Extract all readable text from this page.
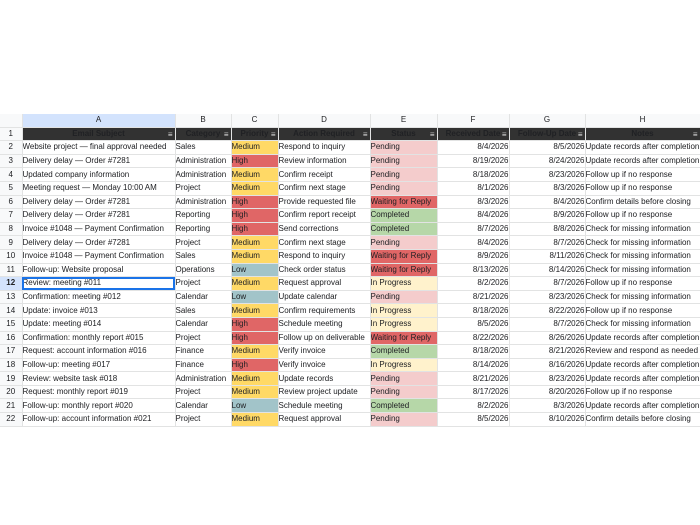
	A	B	C	D	E	F	G	H
1	Email Subject ≡	Category ≡	Priority ≡	Action Required ≡	Status ≡	Received Date ≡	Follow-Up Date ≡	Notes ≡

2	Website project — final approval needed	Sales	Medium	Respond to inquiry	Pending	8/4/2026	8/5/2026	Update records after completion
3	Delivery delay — Order #7281	Administration	High	Review information	Pending	8/19/2026	8/24/2026	Update records after completion
4	Updated company information	Administration	Medium	Confirm receipt	Pending	8/18/2026	8/23/2026	Follow up if no response
5	Meeting request — Monday 10:00 AM	Project	Medium	Confirm next stage	Pending	8/1/2026	8/3/2026	Follow up if no response
6	Delivery delay — Order #7281	Administration	High	Provide requested file	Waiting for Reply	8/3/2026	8/4/2026	Confirm details before closing
7	Delivery delay — Order #7281	Reporting	High	Confirm report receipt	Completed	8/4/2026	8/9/2026	Follow up if no response
8	Invoice #1048 — Payment Confirmation	Reporting	High	Send corrections	Completed	8/7/2026	8/8/2026	Check for missing information
9	Delivery delay — Order #7281	Project	Medium	Confirm next stage	Pending	8/4/2026	8/7/2026	Check for missing information
10	Invoice #1048 — Payment Confirmation	Sales	Medium	Respond to inquiry	Waiting for Reply	8/9/2026	8/11/2026	Check for missing information
11	Follow-up: Website proposal	Operations	Low	Check order status	Waiting for Reply	8/13/2026	8/14/2026	Check for missing information
12	Review: meeting #011	Project	Medium	Request approval	In Progress	8/2/2026	8/7/2026	Follow up if no response
13	Confirmation: meeting #012	Calendar	Low	Update calendar	Pending	8/21/2026	8/23/2026	Check for missing information
14	Update: invoice #013	Sales	Medium	Confirm requirements	In Progress	8/18/2026	8/22/2026	Follow up if no response
15	Update: meeting #014	Calendar	High	Schedule meeting	In Progress	8/5/2026	8/7/2026	Check for missing information
16	Confirmation: monthly report #015	Project	High	Follow up on deliverable	Waiting for Reply	8/22/2026	8/26/2026	Update records after completion
17	Request: account information #016	Finance	Medium	Verify invoice	Completed	8/18/2026	8/21/2026	Review and respond as needed
18	Follow-up: meeting #017	Finance	High	Verify invoice	In Progress	8/14/2026	8/16/2026	Update records after completion
19	Review: website task #018	Administration	Medium	Update records	Pending	8/21/2026	8/23/2026	Update records after completion
20	Request: monthly report #019	Project	Medium	Review project update	Pending	8/17/2026	8/20/2026	Follow up if no response
21	Follow-up: monthly report #020	Calendar	Low	Schedule meeting	Completed	8/2/2026	8/3/2026	Update records after completion
22	Follow-up: account information #021	Project	Medium	Request approval	Pending	8/5/2026	8/10/2026	Confirm details before closing
